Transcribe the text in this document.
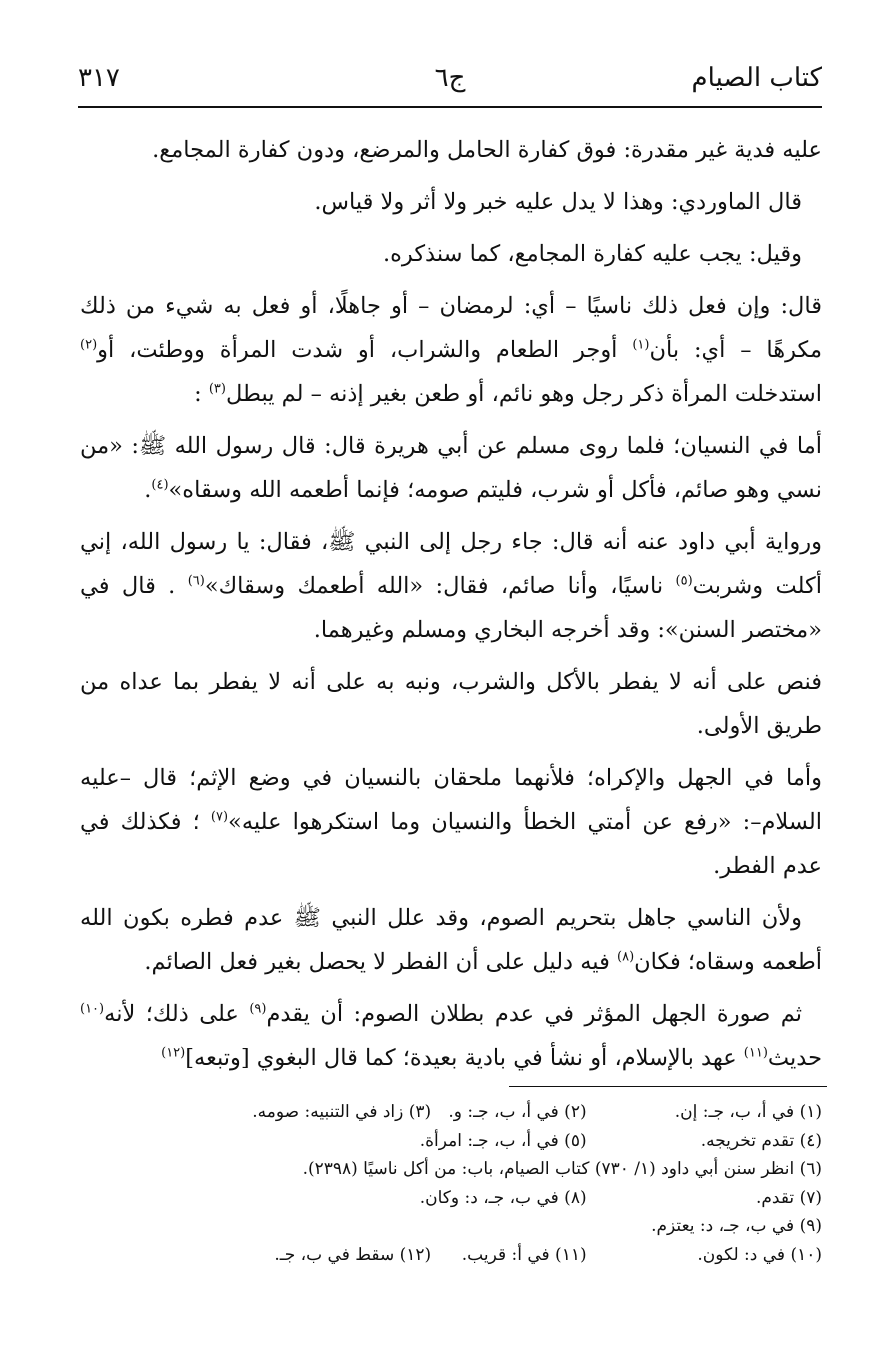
كتاب الصيام
ج٦
٣١٧

عليه فدية غير مقدرة: فوق كفارة الحامل والمرضع، ودون كفارة المجامع.

قال الماوردي: وهذا لا يدل عليه خبر ولا أثر ولا قياس.

وقيل: يجب عليه كفارة المجامع، كما سنذكره.

قال: وإن فعل ذلك ناسيًا – أي: لرمضان – أو جاهلًا، أو فعل به شيء من ذلك مكرهًا – أي: بأن$^{(١)}$ أوجر الطعام والشراب، أو شدت المرأة ووطئت، أو$^{(٢)}$ استدخلت المرأة ذكر رجل وهو نائم، أو طعن بغير إذنه – لم يبطل$^{(٣)}$ :

أما في النسيان؛ فلما روى مسلم عن أبي هريرة قال: قال رسول الله ﷺ: «من نسي وهو صائم، فأكل أو شرب، فليتم صومه؛ فإنما أطعمه الله وسقاه»$^{(٤)}$.

ورواية أبي داود عنه أنه قال: جاء رجل إلى النبي ﷺ، فقال: يا رسول الله، إني أكلت وشربت$^{(٥)}$ ناسيًا، وأنا صائم، فقال: «الله أطعمك وسقاك»$^{(٦)}$ . قال في «مختصر السنن»: وقد أخرجه البخاري ومسلم وغيرهما.

فنص على أنه لا يفطر بالأكل والشرب، ونبه به على أنه لا يفطر بما عداه من طريق الأولى.

وأما في الجهل والإكراه؛ فلأنهما ملحقان بالنسيان في وضع الإثم؛ قال –عليه السلام–: «رفع عن أمتي الخطأ والنسيان وما استكرهوا عليه»$^{(٧)}$ ؛ فكذلك في عدم الفطر.

ولأن الناسي جاهل بتحريم الصوم، وقد علل النبي ﷺ عدم فطره بكون الله أطعمه وسقاه؛ فكان$^{(٨)}$ فيه دليل على أن الفطر لا يحصل بغير فعل الصائم.

ثم صورة الجهل المؤثر في عدم بطلان الصوم: أن يقدم$^{(٩)}$ على ذلك؛ لأنه$^{(١٠)}$ حديث$^{(١١)}$ عهد بالإسلام، أو نشأ في بادية بعيدة؛ كما قال البغوي [وتبعه]$^{(١٢)}$

(١) في أ، ب، جـ: إن. (٢) في أ، ب، جـ: و. (٣) زاد في التنبيه: صومه.
(٤) تقدم تخريجه. (٥) في أ، ب، جـ: امرأة.
(٦) انظر سنن أبي داود (١/ ٧٣٠) كتاب الصيام، باب: من أكل ناسيًا (٢٣٩٨).
(٧) تقدم. (٨) في ب، جـ، د: وكان.
(٩) في ب، جـ، د: يعتزم.
(١٠) في د: لكون. (١١) في أ: قريب. (١٢) سقط في ب، جـ.
